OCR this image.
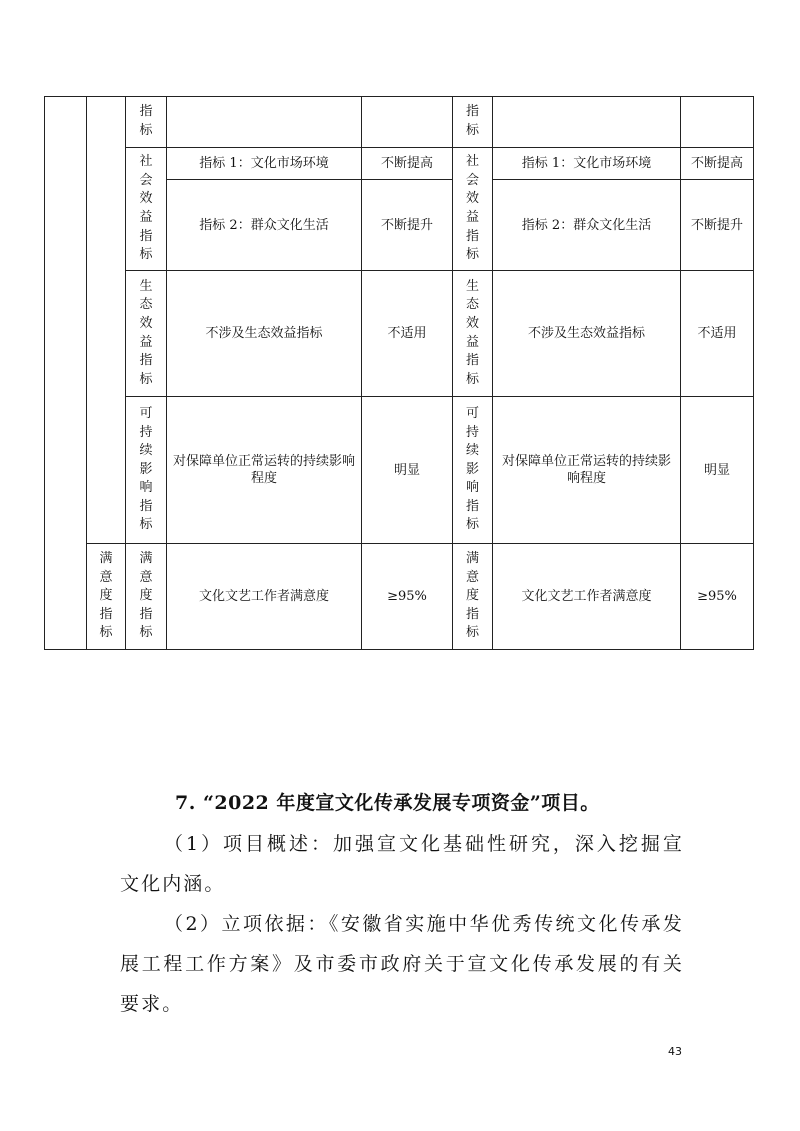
		指标			指标		
		社会效益指标	指标 1：文化市场环境	不断提高	社会效益指标	指标 1：文化市场环境	不断提高
			指标 2：群众文化生活	不断提升		指标 2：群众文化生活	不断提升
		生态效益指标	不涉及生态效益指标	不适用	生态效益指标	不涉及生态效益指标	不适用
		可持续影响指标	对保障单位正常运转的持续影响程度	明显	可持续影响指标	对保障单位正常运转的持续影响程度	明显
	满意度指标	满意度指标	文化文艺工作者满意度	≥95%	满意度指标	文化文艺工作者满意度	≥95%
7. “2022 年度宣文化传承发展专项资金”项目。
（1）项目概述：加强宣文化基础性研究，深入挖掘宣文化内涵。
（2）立项依据：《安徽省实施中华优秀传统文化传承发展工程工作方案》及市委市政府关于宣文化传承发展的有关要求。
43
